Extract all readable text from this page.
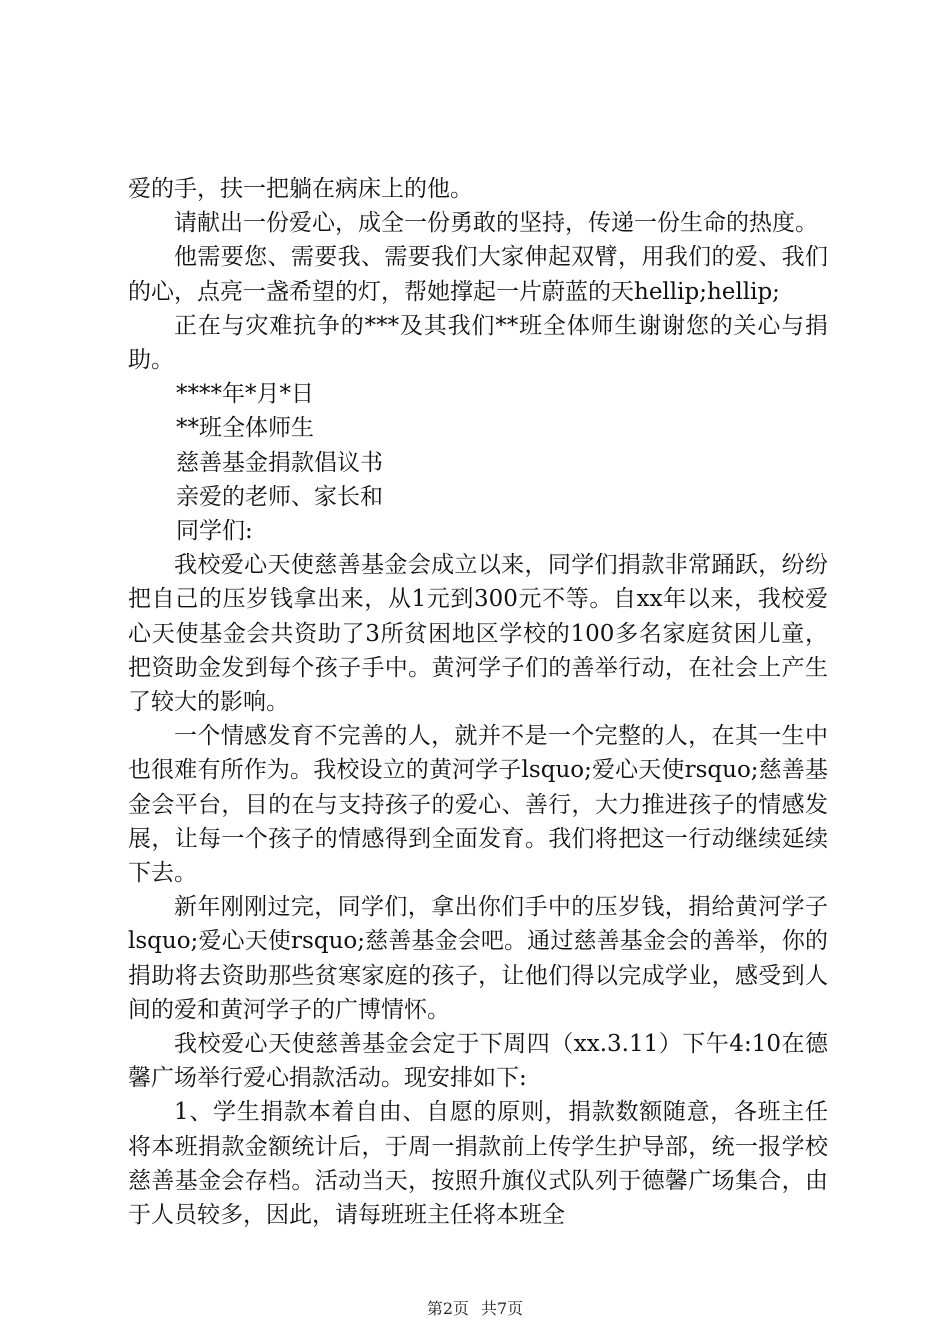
爱的手，扶一把躺在病床上的他。

请献出一份爱心，成全一份勇敢的坚持，传递一份生命的热度。

他需要您、需要我、需要我们大家伸起双臂，用我们的爱、我们的心，点亮一盏希望的灯，帮她撑起一片蔚蓝的天hellip;hellip;

正在与灾难抗争的***及其我们**班全体师生谢谢您的关心与捐助。

****年*月*日

**班全体师生

慈善基金捐款倡议书

亲爱的老师、家长和

同学们:

我校爱心天使慈善基金会成立以来，同学们捐款非常踊跃，纷纷把自己的压岁钱拿出来，从1元到300元不等。自xx年以来，我校爱心天使基金会共资助了3所贫困地区学校的100多名家庭贫困儿童，把资助金发到每个孩子手中。黄河学子们的善举行动，在社会上产生了较大的影响。

一个情感发育不完善的人，就并不是一个完整的人，在其一生中也很难有所作为。我校设立的黄河学子lsquo;爱心天使rsquo;慈善基金会平台，目的在与支持孩子的爱心、善行，大力推进孩子的情感发展，让每一个孩子的情感得到全面发育。我们将把这一行动继续延续下去。

新年刚刚过完，同学们，拿出你们手中的压岁钱，捐给黄河学子lsquo;爱心天使rsquo;慈善基金会吧。通过慈善基金会的善举，你的捐助将去资助那些贫寒家庭的孩子，让他们得以完成学业，感受到人间的爱和黄河学子的广博情怀。

我校爱心天使慈善基金会定于下周四（xx.3.11）下午4:10在德馨广场举行爱心捐款活动。现安排如下:

1、学生捐款本着自由、自愿的原则，捐款数额随意，各班主任将本班捐款金额统计后，于周一捐款前上传学生护导部，统一报学校慈善基金会存档。活动当天，按照升旗仪式队列于德馨广场集合，由于人员较多，因此，请每班班主任将本班全

第2页 共7页
